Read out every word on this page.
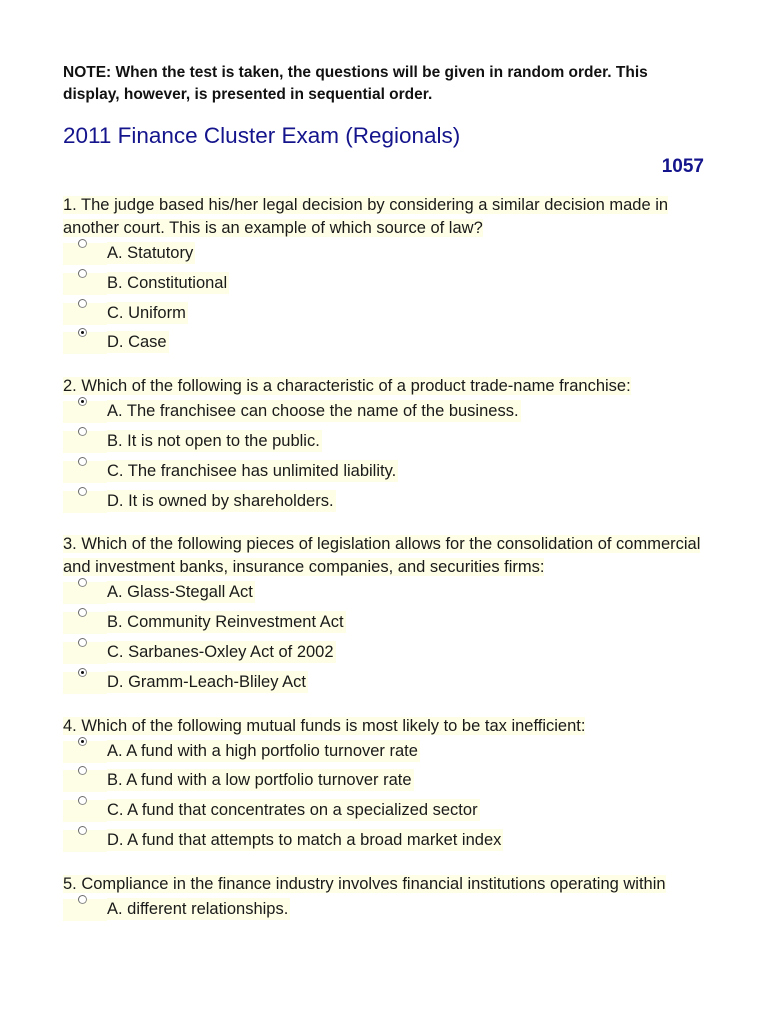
NOTE: When the test is taken, the questions will be given in random order. This display, however, is presented in sequential order.

2011 Finance Cluster Exam (Regionals)
1057

1. The judge based his/her legal decision by considering a similar decision made in another court. This is an example of which source of law?

A. Statutory
B. Constitutional
C. Uniform
D. Case

2. Which of the following is a characteristic of a product trade-name franchise:

A. The franchisee can choose the name of the business.
B. It is not open to the public.
C. The franchisee has unlimited liability.
D. It is owned by shareholders.

3. Which of the following pieces of legislation allows for the consolidation of commercial and investment banks, insurance companies, and securities firms:

A. Glass-Stegall Act
B. Community Reinvestment Act
C. Sarbanes-Oxley Act of 2002
D. Gramm-Leach-Bliley Act

4. Which of the following mutual funds is most likely to be tax inefficient:

A. A fund with a high portfolio turnover rate
B. A fund with a low portfolio turnover rate
C. A fund that concentrates on a specialized sector
D. A fund that attempts to match a broad market index

5. Compliance in the finance industry involves financial institutions operating within

A. different relationships.
